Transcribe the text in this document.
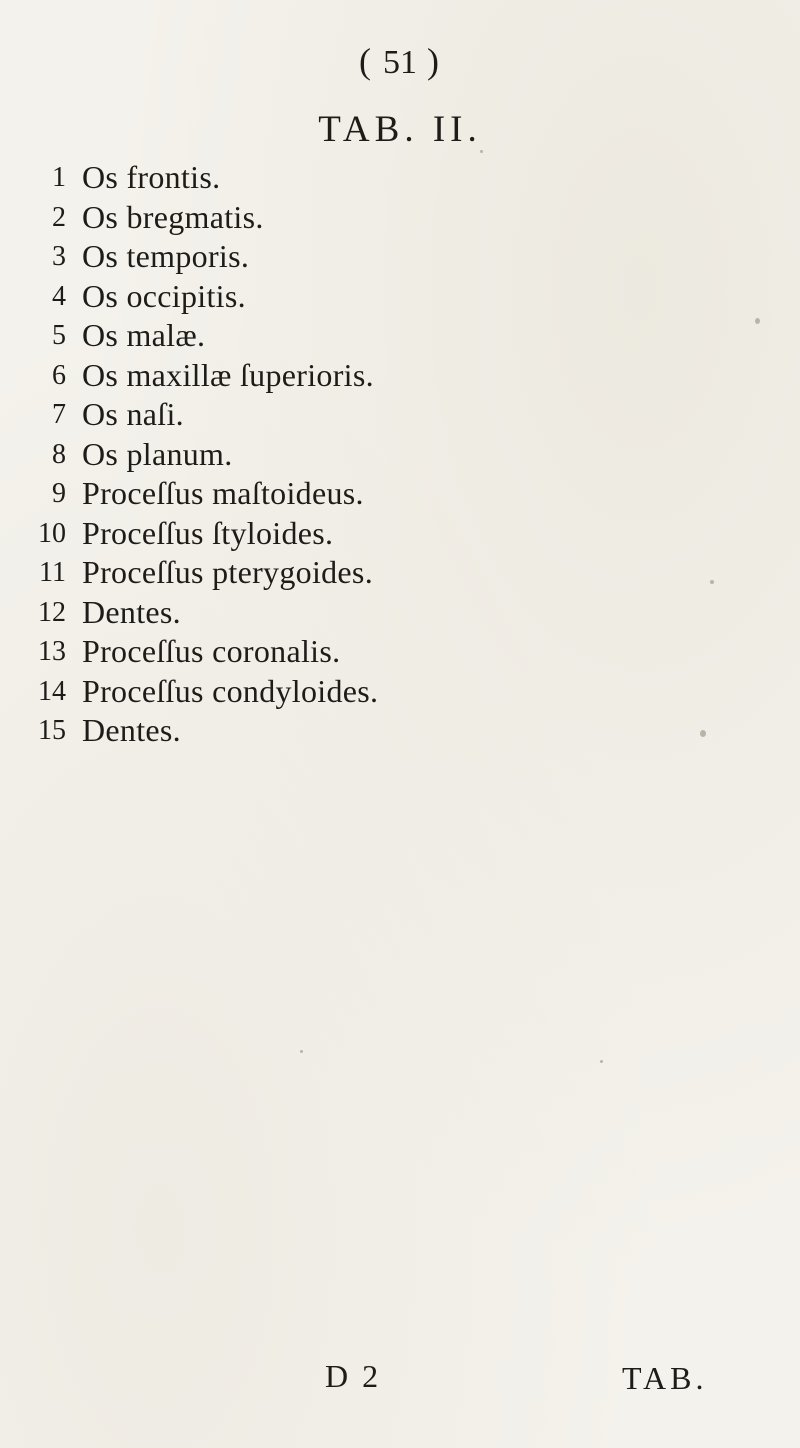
( 51 )
TAB. II.
1 Os frontis.
2 Os bregmatis.
3 Os temporis.
4 Os occipitis.
5 Os malæ.
6 Os maxillæ ſuperioris.
7 Os naſi.
8 Os planum.
9 Proceſſus maſtoideus.
10 Proceſſus ſtyloides.
11 Proceſſus pterygoides.
12 Dentes.
13 Proceſſus coronalis.
14 Proceſſus condyloides.
15 Dentes.
D 2	TAB.
